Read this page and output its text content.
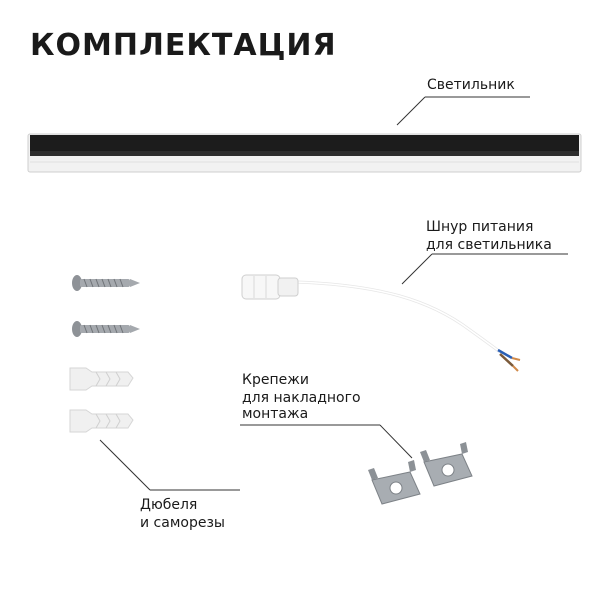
КОМПЛЕКТАЦИЯ
Светильник
Шнур питания
для светильника
Крепежи
для накладного
монтажа
Дюбеля
и саморезы
